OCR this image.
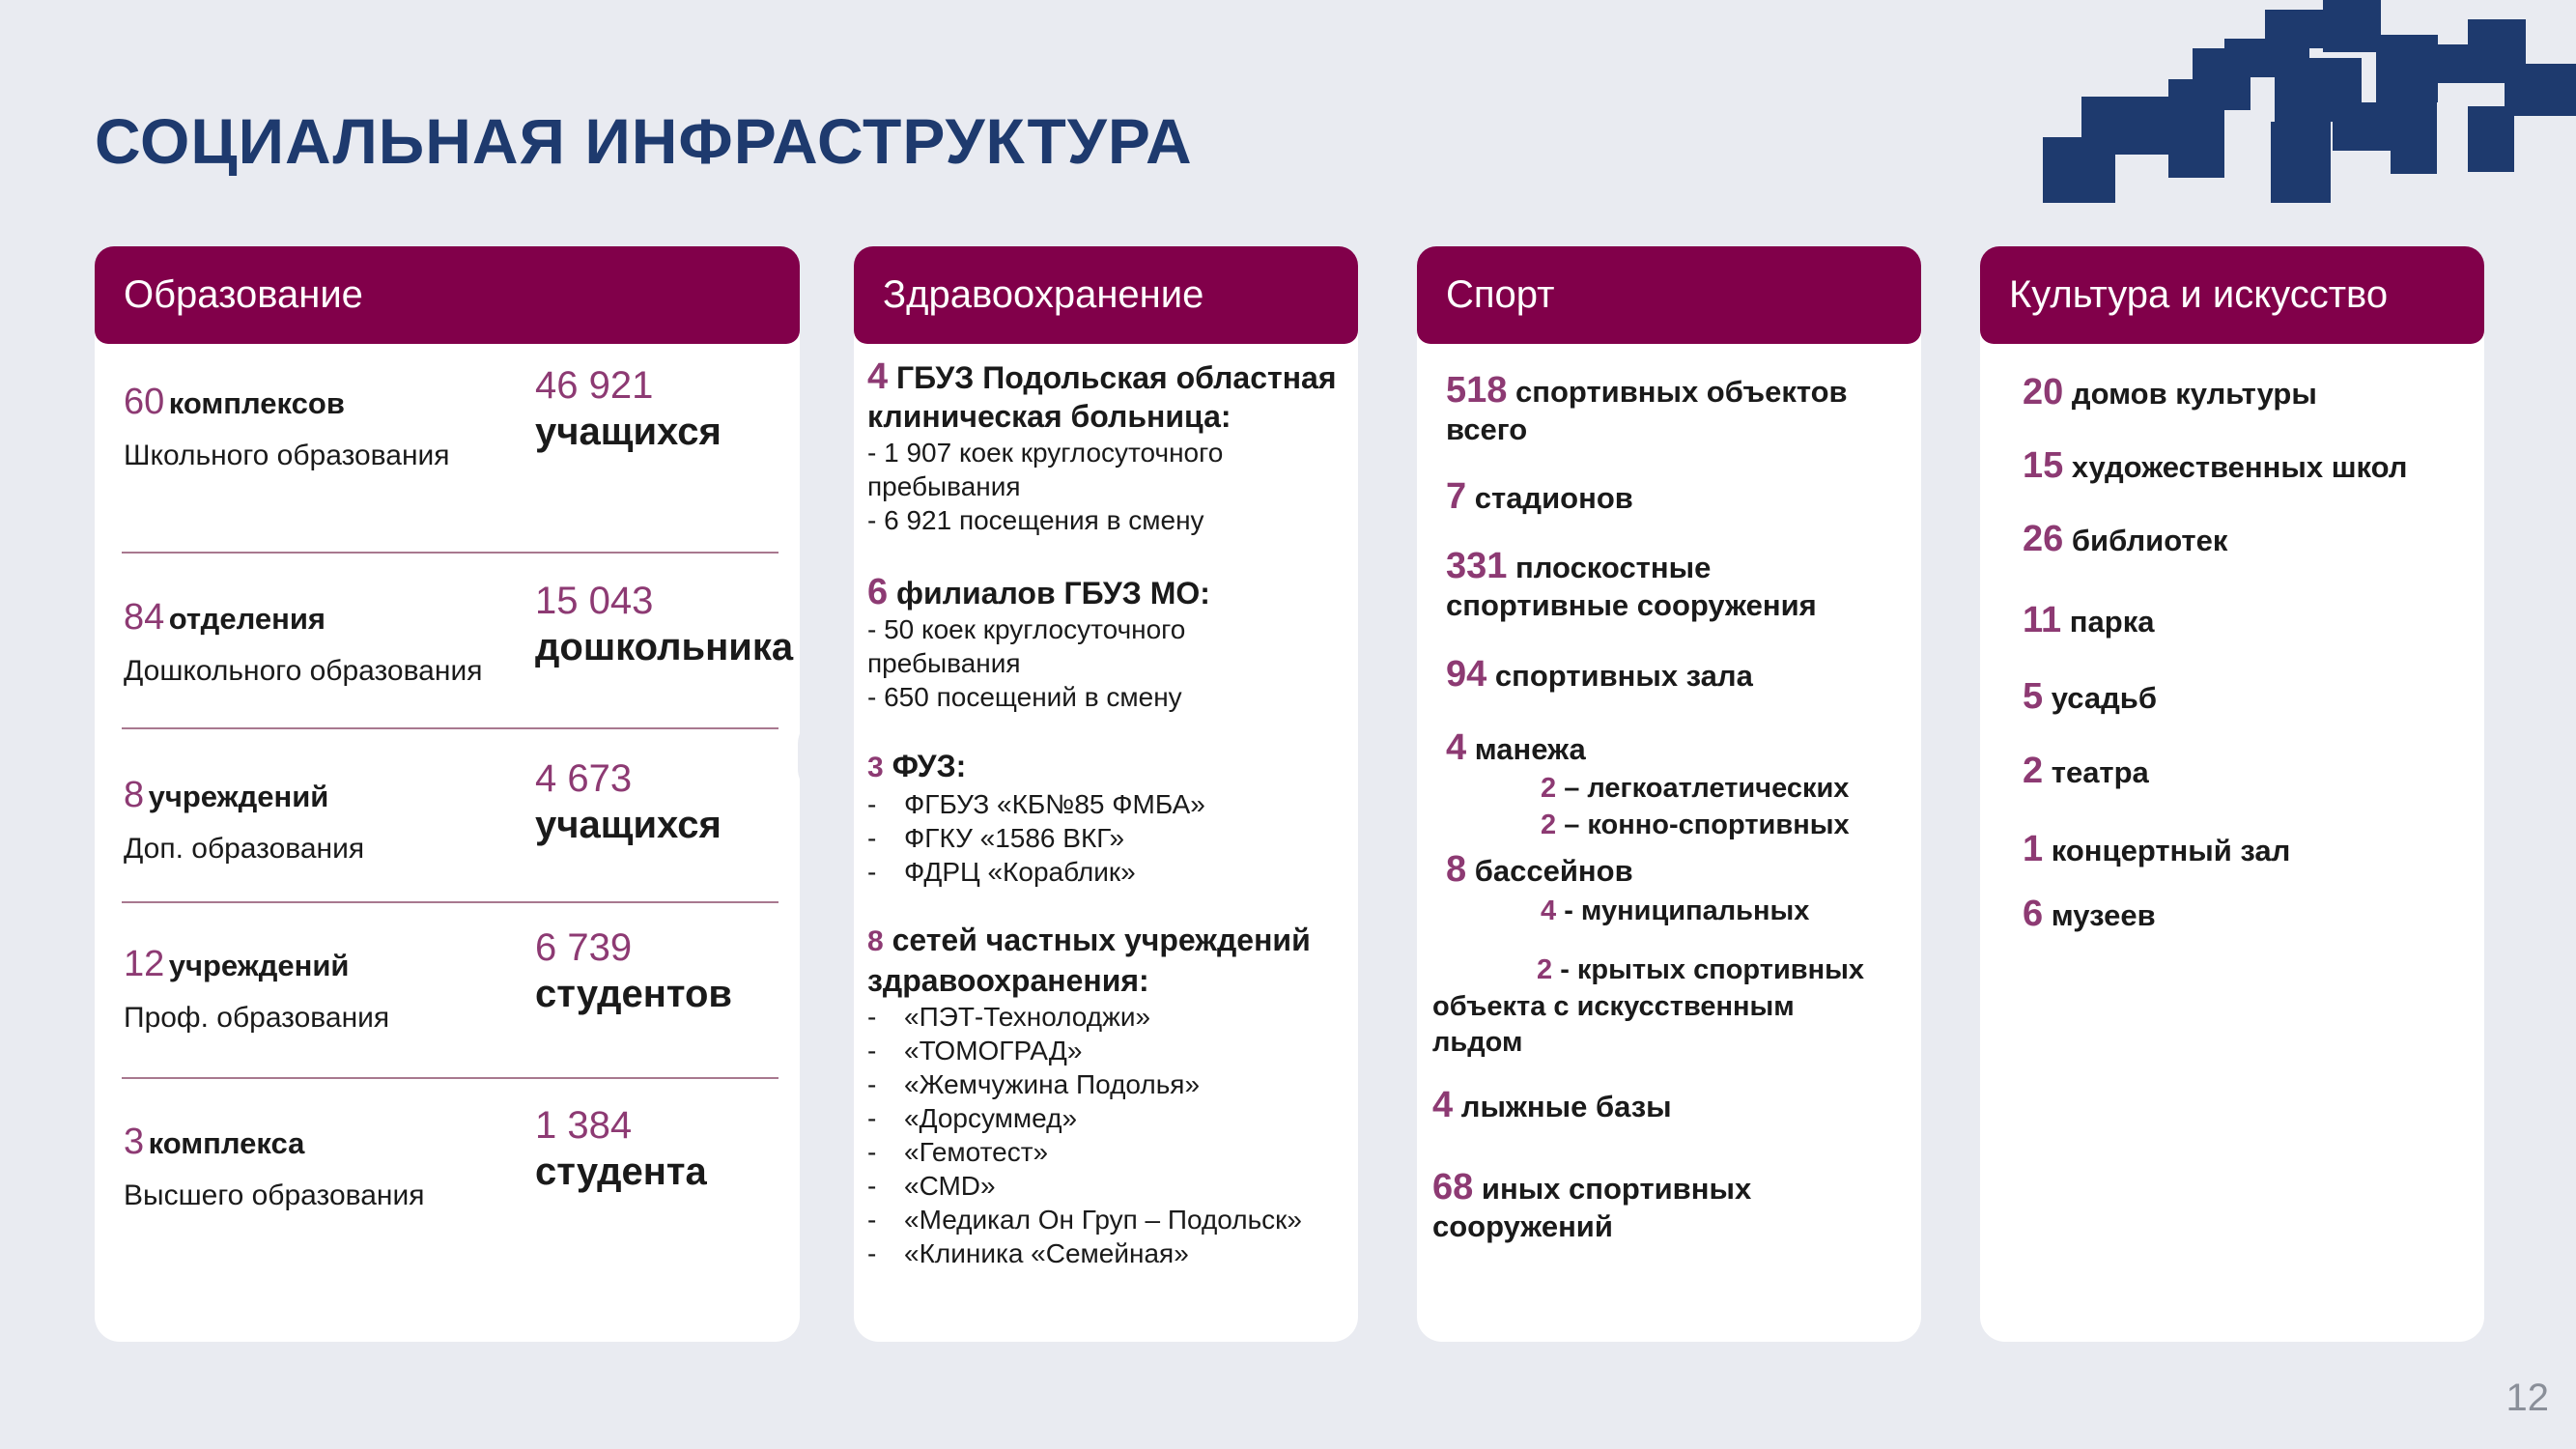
СОЦИАЛЬНАЯ ИНФРАСТРУКТУРА
Образование
60 комплексов
Школьного образования
46 921
учащихся
84 отделения
Дошкольного образования
15 043
дошкольника
8 учреждений
Доп. образования
4 673
учащихся
12 учреждений
Проф. образования
6 739
студентов
3 комплекса
Высшего образования
1 384
студента
Здравоохранение
4 ГБУЗ Подольская областная
клиническая больница:
- 1 907 коек круглосуточного
пребывания
- 6 921 посещения в смену
6 филиалов ГБУЗ МО:
- 50 коек круглосуточного
пребывания
- 650 посещений в смену
3 ФУЗ:
- ФГБУЗ «КБ№85 ФМБА»
- ФГКУ «1586 ВКГ»
- ФДРЦ «Кораблик»
8 сетей частных учреждений
здравоохранения:
- «ПЭТ-Технолоджи»
- «ТОМОГРАД»
- «Жемчужина Подолья»
- «Дорсуммед»
- «Гемотест»
- «СМD»
- «Медикал Он Груп – Подольск»
- «Клиника «Семейная»
Спорт
518 спортивных объектов
всего
7 стадионов
331 плоскостные
спортивные сооружения
94 спортивных зала
4 манежа
2 – легкоатлетических
2 – конно-спортивных
8 бассейнов
4 - муниципальных
2 - крытых спортивных
объекта с искусственным
льдом
4 лыжные базы
68 иных спортивных
сооружений
Культура и искусство
20 домов культуры
15 художественных школ
26 библиотек
11 парка
5 усадьб
2 театра
1 концертный зал
6 музеев
12
